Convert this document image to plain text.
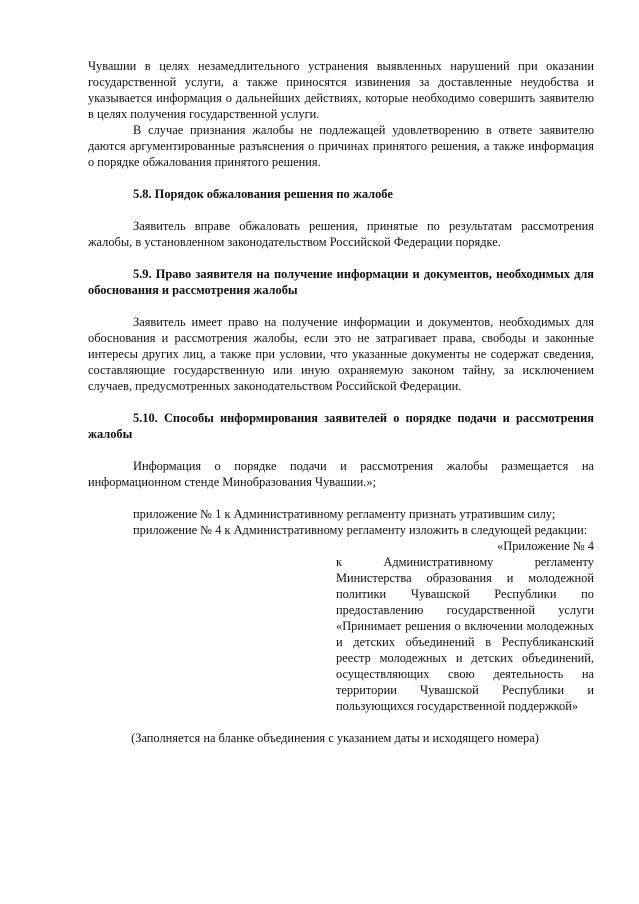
Чувашии в целях незамедлительного устранения выявленных нарушений при оказании государственной услуги, а также приносятся извинения за доставленные неудобства и указывается информация о дальнейших действиях, которые необходимо совершить заявителю в целях получения государственной услуги.

В случае признания жалобы не подлежащей удовлетворению в ответе заявителю даются аргументированные разъяснения о причинах принятого решения, а также информация о порядке обжалования принятого решения.

5.8. Порядок обжалования решения по жалобе

Заявитель вправе обжаловать решения, принятые по результатам рассмотрения жалобы, в установленном законодательством Российской Федерации порядке.

5.9. Право заявителя на получение информации и документов, необходимых для обоснования и рассмотрения жалобы

Заявитель имеет право на получение информации и документов, необходимых для обоснования и рассмотрения жалобы, если это не затрагивает права, свободы и законные интересы других лиц, а также при условии, что указанные документы не содержат сведения, составляющие государственную или иную охраняемую законом тайну, за исключением случаев, предусмотренных законодательством Российской Федерации.

5.10. Способы информирования заявителей о порядке подачи и рассмотрения жалобы

Информация о порядке подачи и рассмотрения жалобы размещается на информационном стенде Минобразования Чувашии.»;

приложение № 1 к Административному регламенту признать утратившим силу;

приложение № 4 к Административному регламенту изложить в следующей редакции:

«Приложение № 4

к Административному регламенту Министерства образования и молодежной политики Чувашской Республики по предоставлению государственной услуги «Принимает решения о включении молодежных и детских объединений в Республиканский реестр молодежных и детских объединений, осуществляющих свою деятельность на территории Чувашской Республики и пользующихся государственной поддержкой»

(Заполняется на бланке объединения с указанием даты и исходящего номера)
